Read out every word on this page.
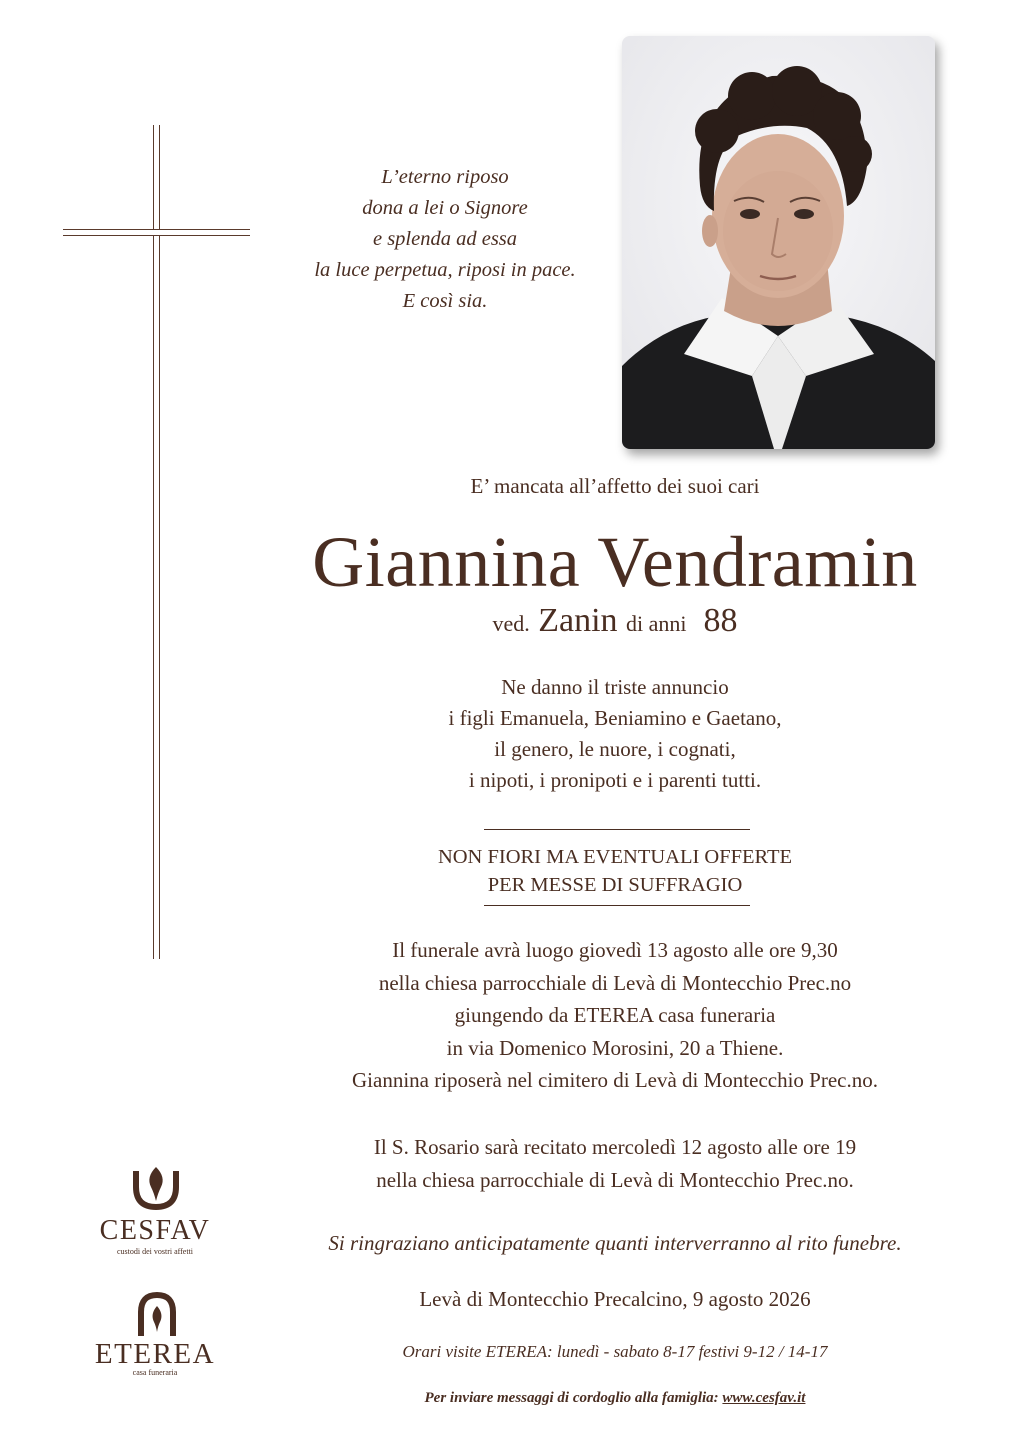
L’eterno riposo
dona a lei o Signore
e splenda ad essa
la luce perpetua, riposi in pace.
E così sia.
E’ mancata all’affetto dei suoi cari
Giannina Vendramin
ved. Zanin di anni 88
Ne danno il triste annuncio
i figli Emanuela, Beniamino e Gaetano,
il genero, le nuore, i cognati,
i nipoti, i pronipoti e i parenti tutti.
NON FIORI MA EVENTUALI OFFERTE
PER MESSE DI SUFFRAGIO
Il funerale avrà luogo giovedì 13 agosto alle ore 9,30
nella chiesa parrocchiale di Levà di Montecchio Prec.no
giungendo da ETEREA casa funeraria
in via Domenico Morosini, 20 a Thiene.
Giannina riposerà nel cimitero di Levà di Montecchio Prec.no.
Il S. Rosario sarà recitato mercoledì 12 agosto alle ore 19
nella chiesa parrocchiale di Levà di Montecchio Prec.no.
Si ringraziano anticipatamente quanti interverranno al rito funebre.
Levà di Montecchio Precalcino, 9 agosto 2026
Orari visite ETEREA: lunedì - sabato 8-17 festivi 9-12 / 14-17
Per inviare messaggi di cordoglio alla famiglia: www.cesfav.it
CESFAV
custodi dei vostri affetti
ETEREA
casa funeraria
